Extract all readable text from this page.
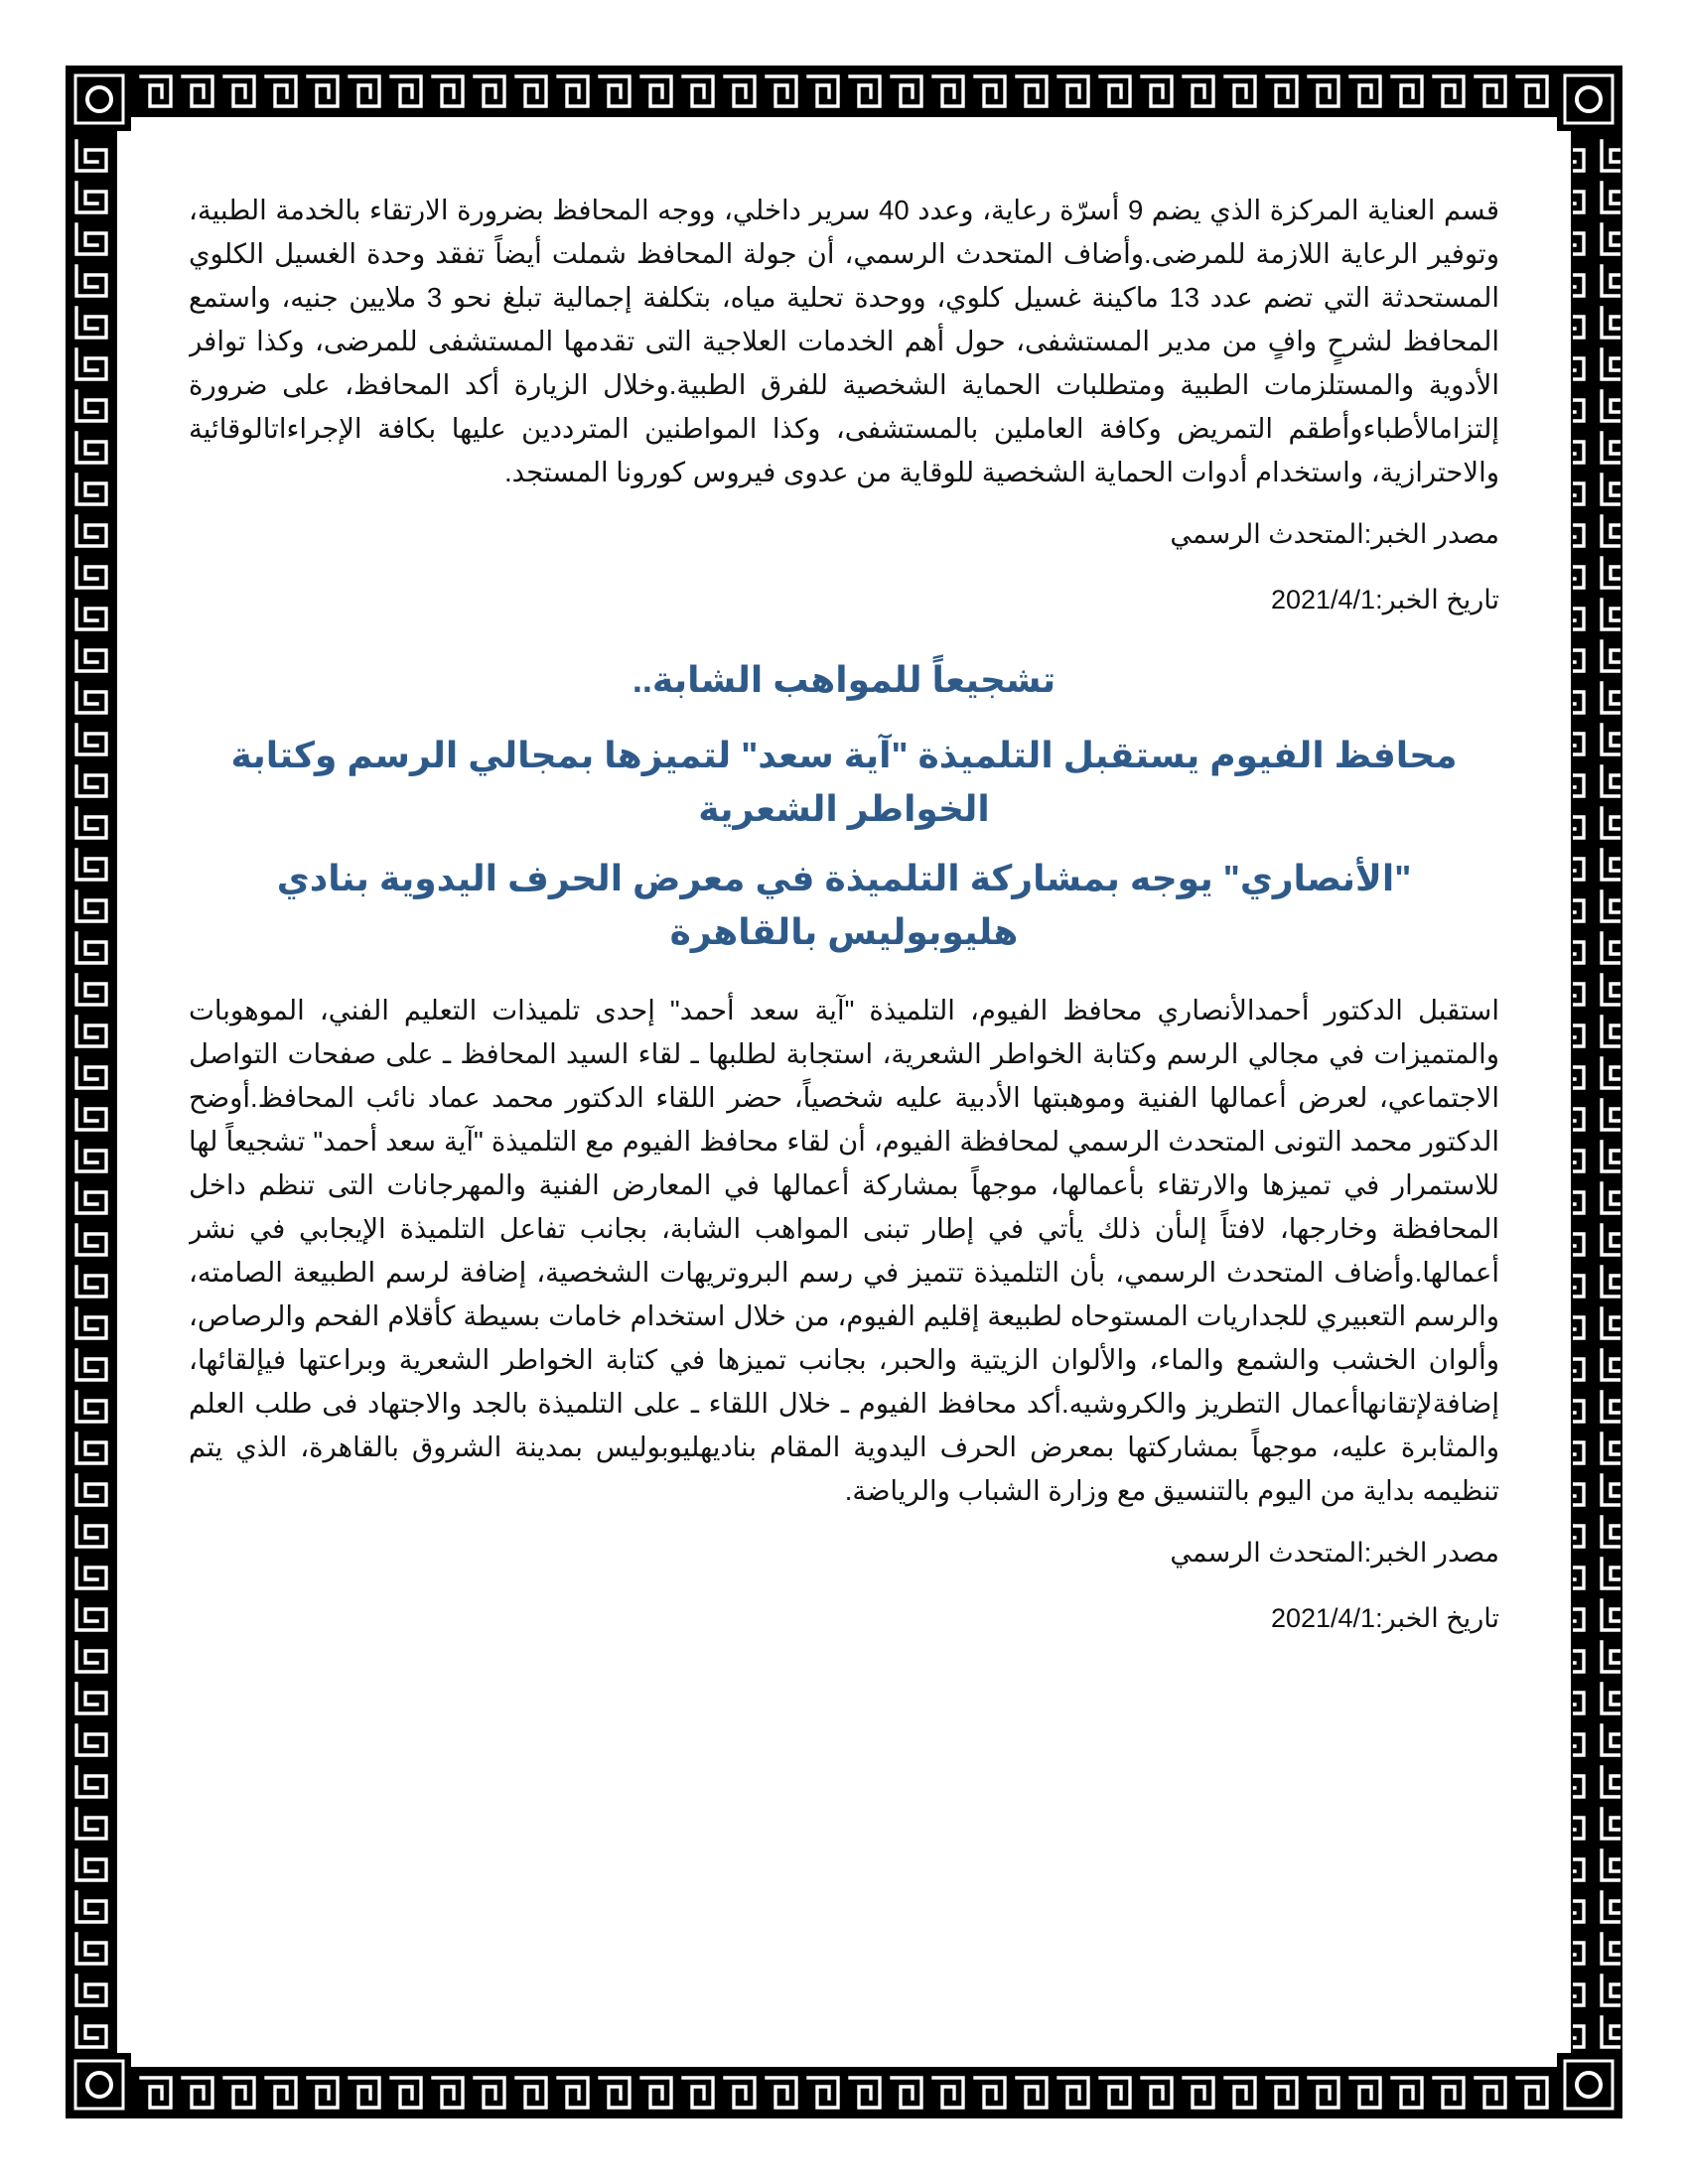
قسم العناية المركزة الذي يضم 9 أسرّة رعاية، وعدد 40 سرير داخلي، ووجه المحافظ بضرورة الارتقاء بالخدمة الطبية، وتوفير الرعاية اللازمة للمرضى.وأضاف المتحدث الرسمي، أن جولة المحافظ شملت أيضاً تفقد وحدة الغسيل الكلوي المستحدثة التي تضم عدد 13 ماكينة غسيل كلوي، ووحدة تحلية مياه، بتكلفة إجمالية تبلغ نحو 3 ملايين جنيه، واستمع المحافظ لشرحٍ وافٍ من مدير المستشفى، حول أهم الخدمات العلاجية التى تقدمها المستشفى للمرضى، وكذا توافر الأدوية والمستلزمات الطبية ومتطلبات الحماية الشخصية للفرق الطبية.وخلال الزيارة أكد المحافظ، على ضرورة إلتزامالأطباءوأطقم التمريض وكافة العاملين بالمستشفى، وكذا المواطنين المترددين عليها بكافة الإجراءاتالوقائية والاحترازية، واستخدام أدوات الحماية الشخصية للوقاية من عدوى فيروس كورونا المستجد.

مصدر الخبر:المتحدث الرسمي

تاريخ الخبر:2021/4/1

تشجيعاً للمواهب الشابة..
محافظ الفيوم يستقبل التلميذة "آية سعد" لتميزها بمجالي الرسم وكتابة الخواطر الشعرية
"الأنصاري" يوجه بمشاركة التلميذة في معرض الحرف اليدوية بنادي هليوبوليس بالقاهرة

استقبل الدكتور أحمدالأنصاري محافظ الفيوم، التلميذة "آية سعد أحمد" إحدى تلميذات التعليم الفني، الموهوبات والمتميزات في مجالي الرسم وكتابة الخواطر الشعرية، استجابة لطلبها ـ لقاء السيد المحافظ ـ على صفحات التواصل الاجتماعي، لعرض أعمالها الفنية وموهبتها الأدبية عليه شخصياً، حضر اللقاء الدكتور محمد عماد نائب المحافظ.أوضح الدكتور محمد التونى المتحدث الرسمي لمحافظة الفيوم، أن لقاء محافظ الفيوم مع التلميذة "آية سعد أحمد" تشجيعاً لها للاستمرار في تميزها والارتقاء بأعمالها، موجهاً بمشاركة أعمالها في المعارض الفنية والمهرجانات التى تنظم داخل المحافظة وخارجها، لافتاً إلىأن ذلك يأتي في إطار تبنى المواهب الشابة، بجانب تفاعل التلميذة الإيجابي في نشر أعمالها.وأضاف المتحدث الرسمي، بأن التلميذة تتميز في رسم البروتريهات الشخصية، إضافة لرسم الطبيعة الصامته، والرسم التعبيري للجداريات المستوحاه لطبيعة إقليم الفيوم، من خلال استخدام خامات بسيطة كأقلام الفحم والرصاص، وألوان الخشب والشمع والماء، والألوان الزيتية والحبر، بجانب تميزها في كتابة الخواطر الشعرية وبراعتها فيإلقائها، إضافةلإتقانهاأعمال التطريز والكروشيه.أكد محافظ الفيوم ـ خلال اللقاء ـ على التلميذة بالجد والاجتهاد فى طلب العلم والمثابرة عليه، موجهاً بمشاركتها بمعرض الحرف اليدوية المقام بناديهليوبوليس بمدينة الشروق بالقاهرة، الذي يتم تنظيمه بداية من اليوم بالتنسيق مع وزارة الشباب والرياضة.

مصدر الخبر:المتحدث الرسمي

تاريخ الخبر:2021/4/1
